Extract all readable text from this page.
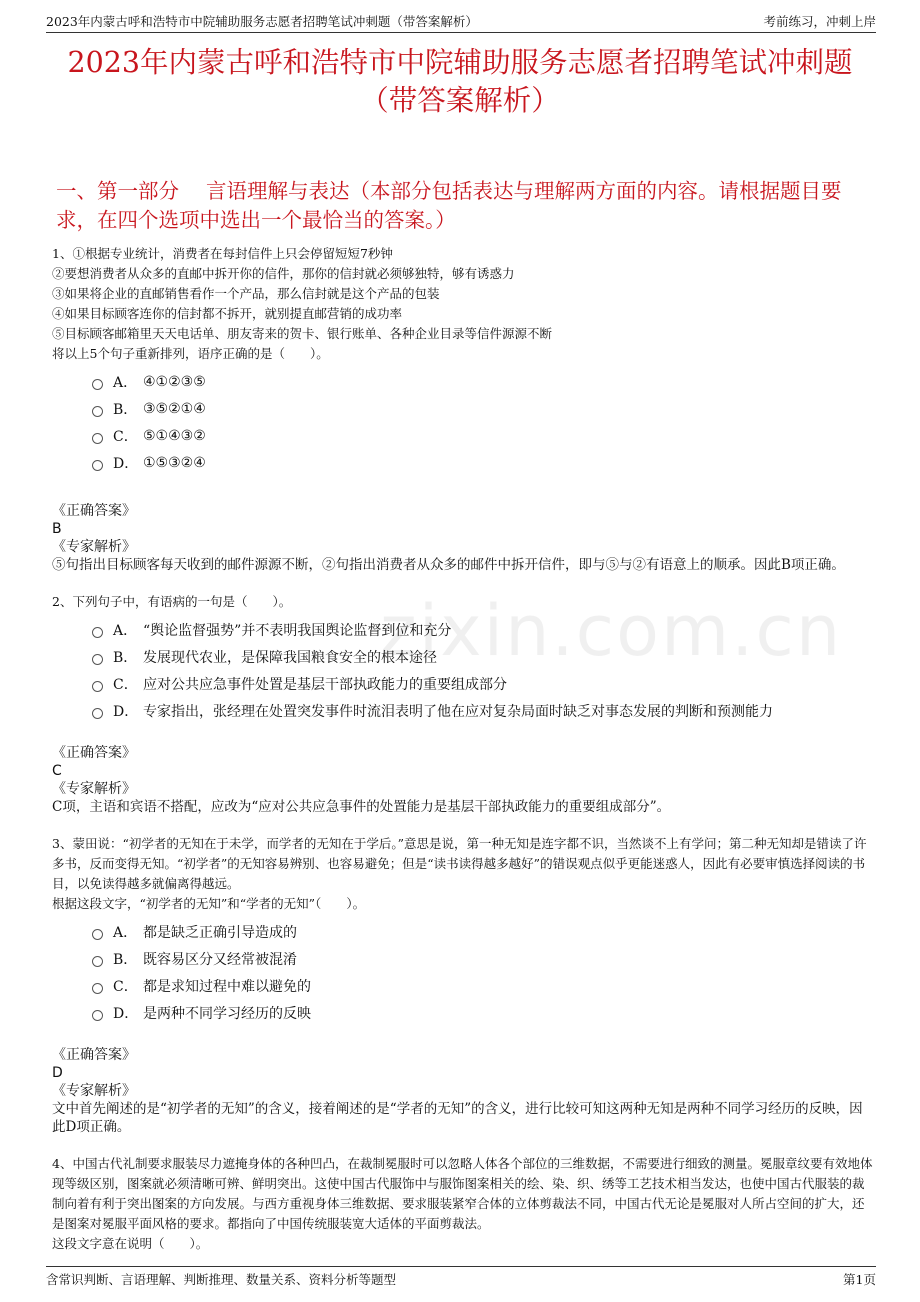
2023年内蒙古呼和浩特市中院辅助服务志愿者招聘笔试冲刺题（带答案解析）	考前练习，冲刺上岸
2023年内蒙古呼和浩特市中院辅助服务志愿者招聘笔试冲刺题
（带答案解析）
一、第一部分　 言语理解与表达（本部分包括表达与理解两方面的内容。请根据题目要求，在四个选项中选出一个最恰当的答案。）
zixin.com.cn
1、①根据专业统计，消费者在每封信件上只会停留短短7秒钟
②要想消费者从众多的直邮中拆开你的信件，那你的信封就必须够独特，够有诱惑力
③如果将企业的直邮销售看作一个产品，那么信封就是这个产品的包装
④如果目标顾客连你的信封都不拆开，就别提直邮营销的成功率
⑤目标顾客邮箱里天天电话单、朋友寄来的贺卡、银行账单、各种企业目录等信件源源不断
将以上5个句子重新排列，语序正确的是（　　）。
A． ④①②③⑤
B． ③⑤②①④
C． ⑤①④③②
D． ①⑤③②④
《正确答案》
B
《专家解析》
⑤句指出目标顾客每天收到的邮件源源不断，②句指出消费者从众多的邮件中拆开信件，即与⑤与②有语意上的顺承。因此B项正确。
2、下列句子中，有语病的一句是（　　）。
A． “舆论监督强势”并不表明我国舆论监督到位和充分
B． 发展现代农业，是保障我国粮食安全的根本途径
C． 应对公共应急事件处置是基层干部执政能力的重要组成部分
D． 专家指出，张经理在处置突发事件时流泪表明了他在应对复杂局面时缺乏对事态发展的判断和预测能力
《正确答案》
C
《专家解析》
C项，主语和宾语不搭配，应改为“应对公共应急事件的处置能力是基层干部执政能力的重要组成部分”。
3、蒙田说：“初学者的无知在于未学，而学者的无知在于学后。”意思是说，第一种无知是连字都不识，当然谈不上有学问；第二种无知却是错读了许多书，反而变得无知。“初学者”的无知容易辨别、也容易避免；但是“读书读得越多越好”的错误观点似乎更能迷惑人，因此有必要审慎选择阅读的书目，以免读得越多就偏离得越远。
根据这段文字，“初学者的无知”和“学者的无知”（　　）。
A． 都是缺乏正确引导造成的
B． 既容易区分又经常被混淆
C． 都是求知过程中难以避免的
D． 是两种不同学习经历的反映
《正确答案》
D
《专家解析》
文中首先阐述的是“初学者的无知”的含义，接着阐述的是“学者的无知”的含义，进行比较可知这两种无知是两种不同学习经历的反映，因此D项正确。
4、中国古代礼制要求服装尽力遮掩身体的各种凹凸，在裁制冕服时可以忽略人体各个部位的三维数据，不需要进行细致的测量。冕服章纹要有效地体现等级区别，图案就必须清晰可辨、鲜明突出。这使中国古代服饰中与服饰图案相关的绘、染、织、绣等工艺技术相当发达，也使中国古代服装的裁制向着有利于突出图案的方向发展。与西方重视身体三维数据、要求服装紧窄合体的立体剪裁法不同，中国古代无论是冕服对人所占空间的扩大，还是图案对冕服平面风格的要求。都指向了中国传统服装宽大适体的平面剪裁法。
这段文字意在说明（　　）。
含常识判断、言语理解、判断推理、数量关系、资料分析等题型	第1页
